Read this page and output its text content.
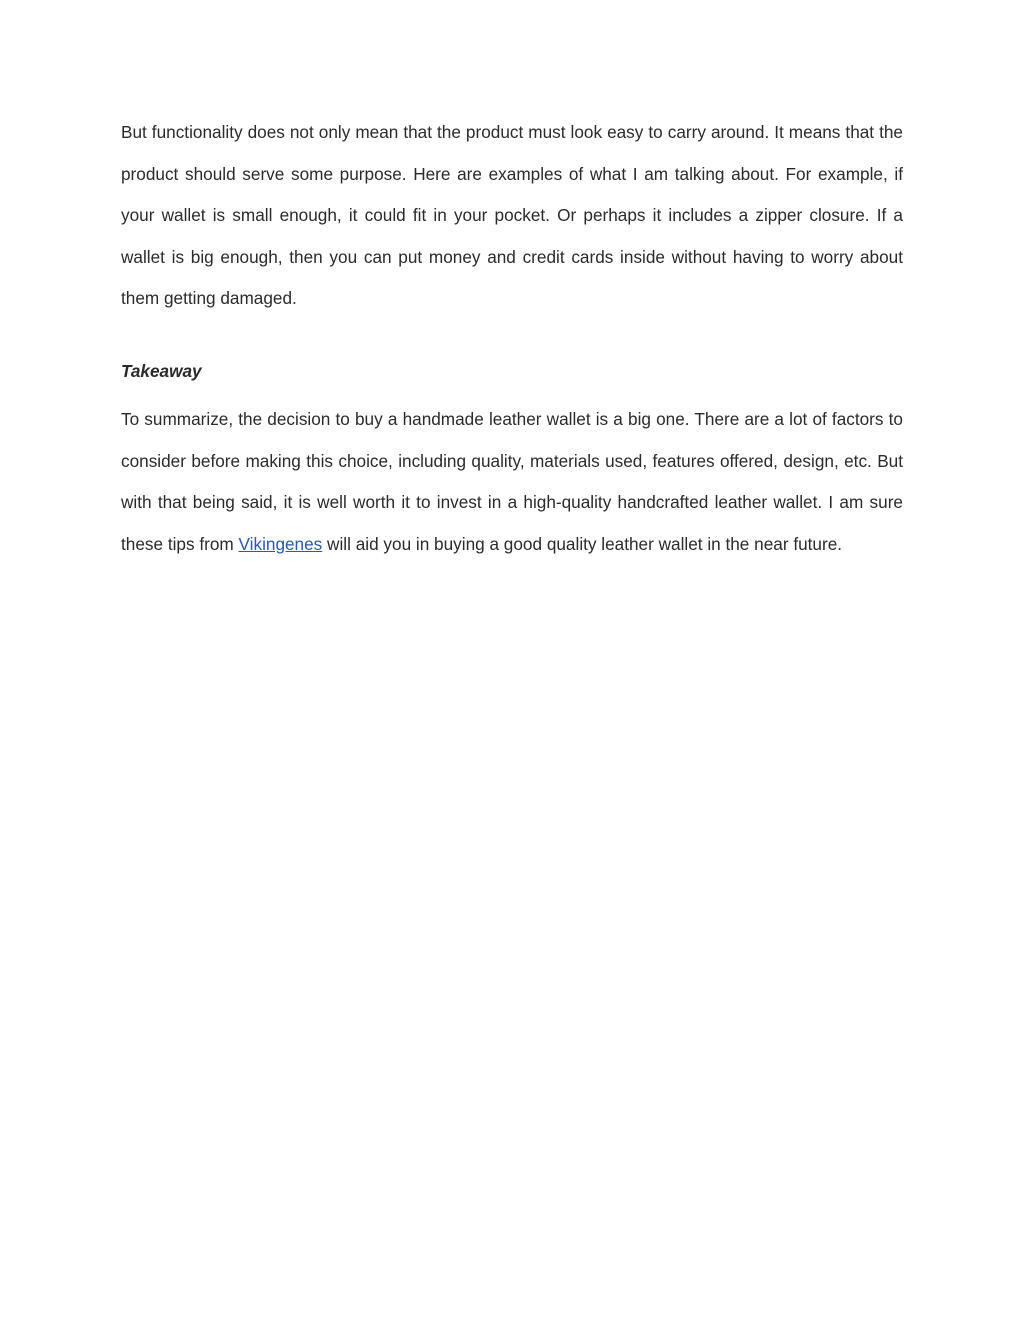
But functionality does not only mean that the product must look easy to carry around. It means that the product should serve some purpose. Here are examples of what I am talking about. For example, if your wallet is small enough, it could fit in your pocket. Or perhaps it includes a zipper closure. If a wallet is big enough, then you can put money and credit cards inside without having to worry about them getting damaged.

Takeaway

To summarize, the decision to buy a handmade leather wallet is a big one. There are a lot of factors to consider before making this choice, including quality, materials used, features offered, design, etc. But with that being said, it is well worth it to invest in a high-quality handcrafted leather wallet. I am sure these tips from Vikingenes will aid you in buying a good quality leather wallet in the near future.
